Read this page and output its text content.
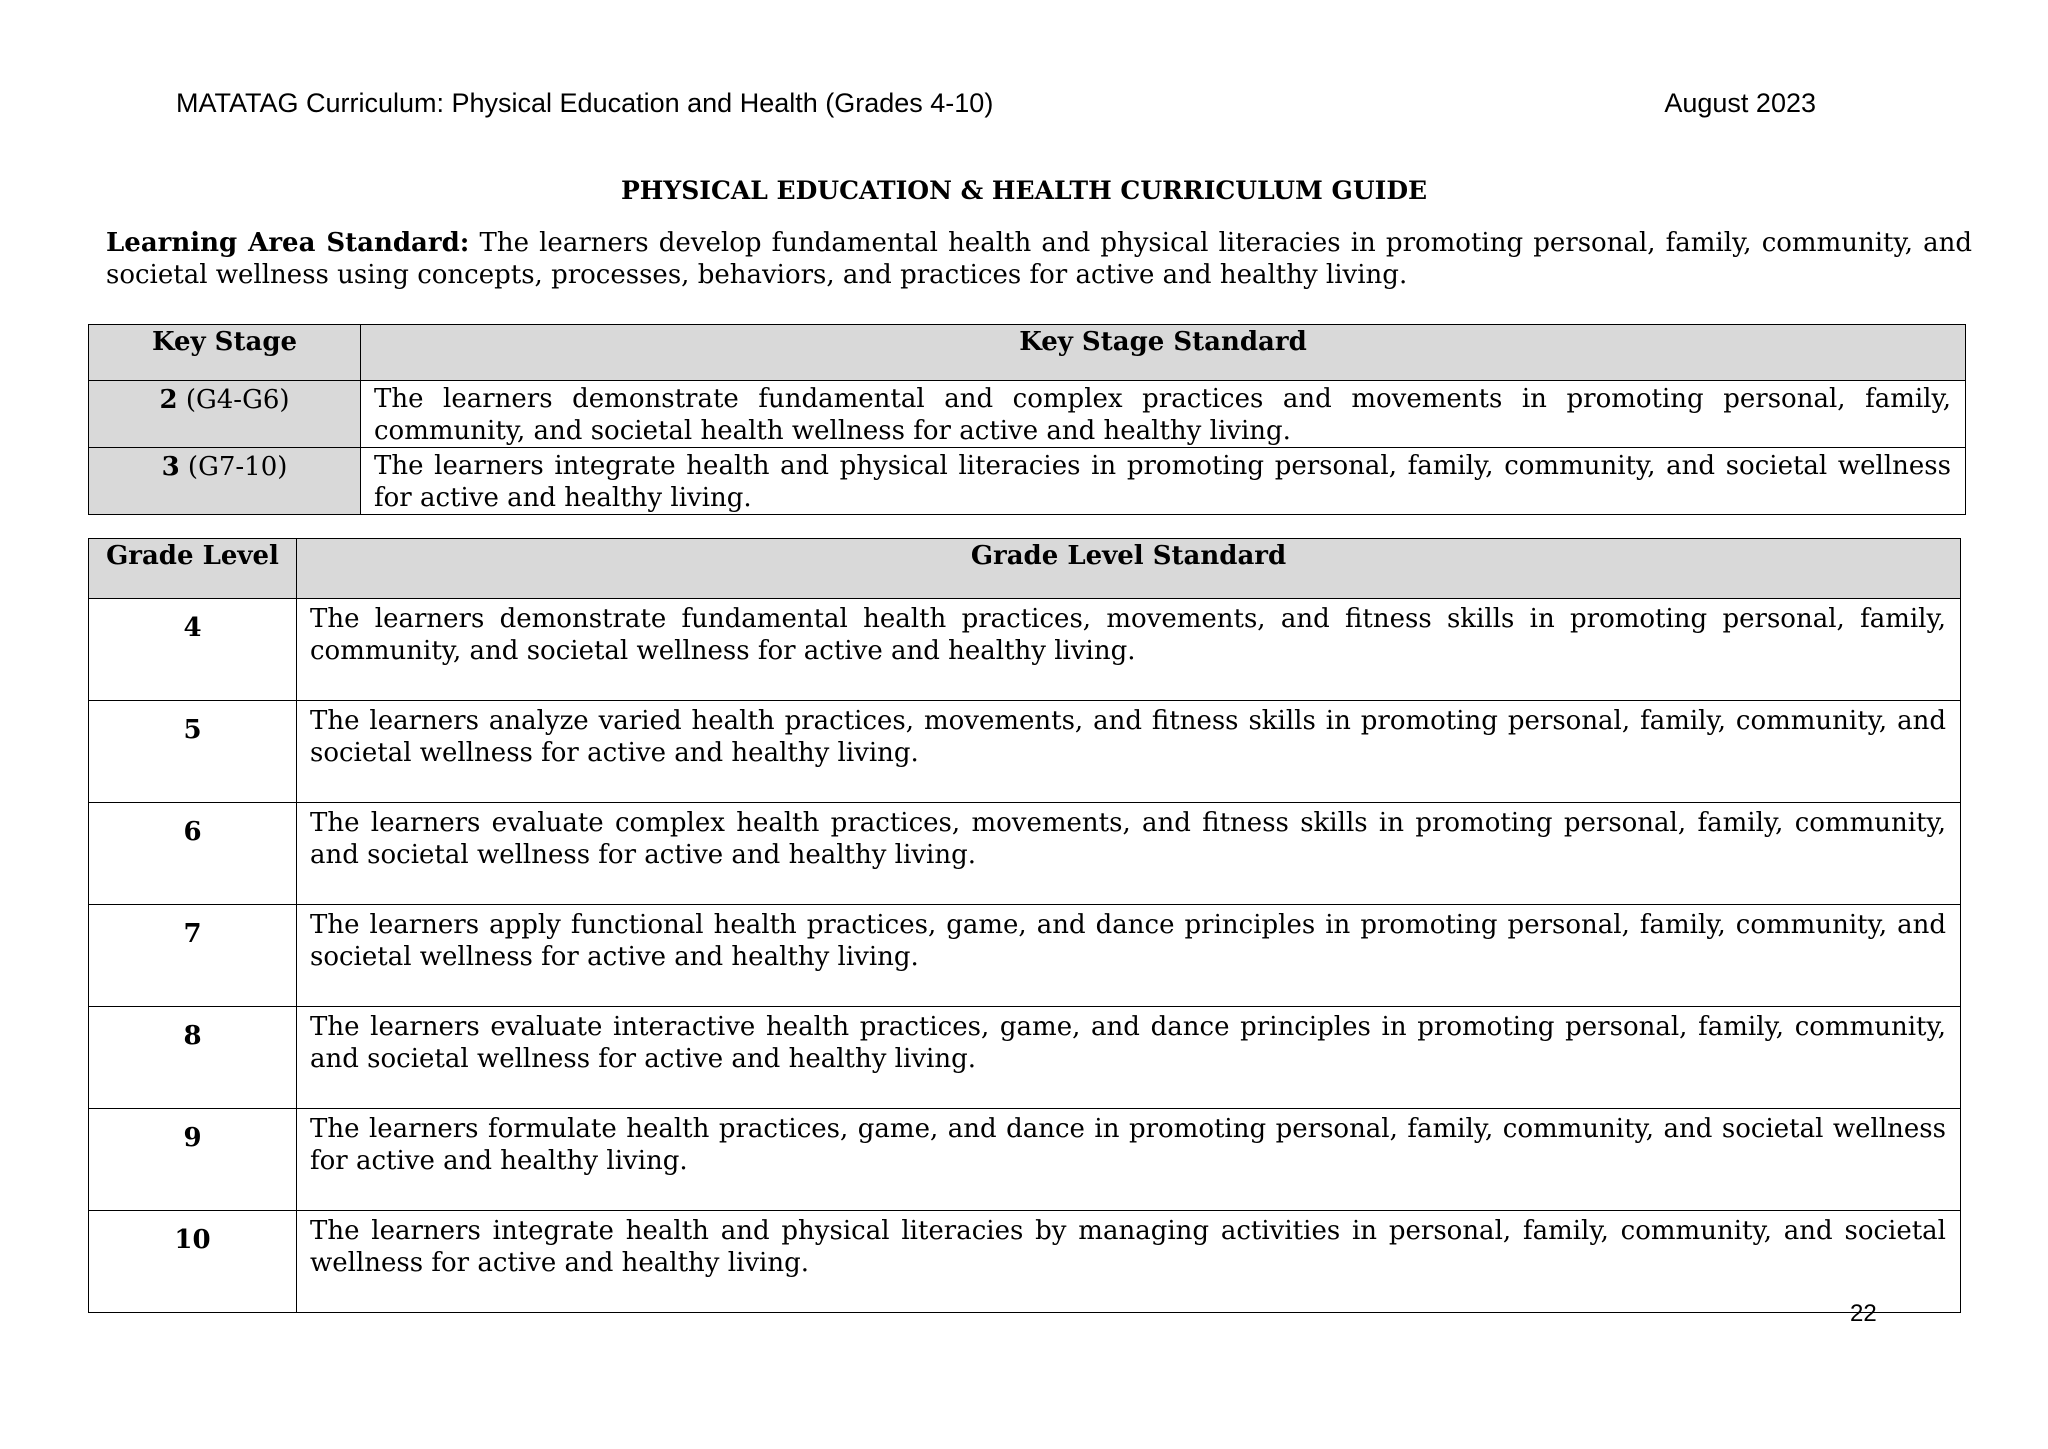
MATATAG Curriculum: Physical Education and Health (Grades 4-10)	August 2023
PHYSICAL EDUCATION & HEALTH CURRICULUM GUIDE
Learning Area Standard: The learners develop fundamental health and physical literacies in promoting personal, family, community, and societal wellness using concepts, processes, behaviors, and practices for active and healthy living.
Key Stage	Key Stage Standard
2 (G4-G6)	The learners demonstrate fundamental and complex practices and movements in promoting personal, family, community, and societal health wellness for active and healthy living.
3 (G7-10)	The learners integrate health and physical literacies in promoting personal, family, community, and societal wellness for active and healthy living.
Grade Level	Grade Level Standard
4	The learners demonstrate fundamental health practices, movements, and fitness skills in promoting personal, family, community, and societal wellness for active and healthy living.
5	The learners analyze varied health practices, movements, and fitness skills in promoting personal, family, community, and societal wellness for active and healthy living.
6	The learners evaluate complex health practices, movements, and fitness skills in promoting personal, family, community, and societal wellness for active and healthy living.
7	The learners apply functional health practices, game, and dance principles in promoting personal, family, community, and societal wellness for active and healthy living.
8	The learners evaluate interactive health practices, game, and dance principles in promoting personal, family, community, and societal wellness for active and healthy living.
9	The learners formulate health practices, game, and dance in promoting personal, family, community, and societal wellness for active and healthy living.
10	The learners integrate health and physical literacies by managing activities in personal, family, community, and societal wellness for active and healthy living.
22
